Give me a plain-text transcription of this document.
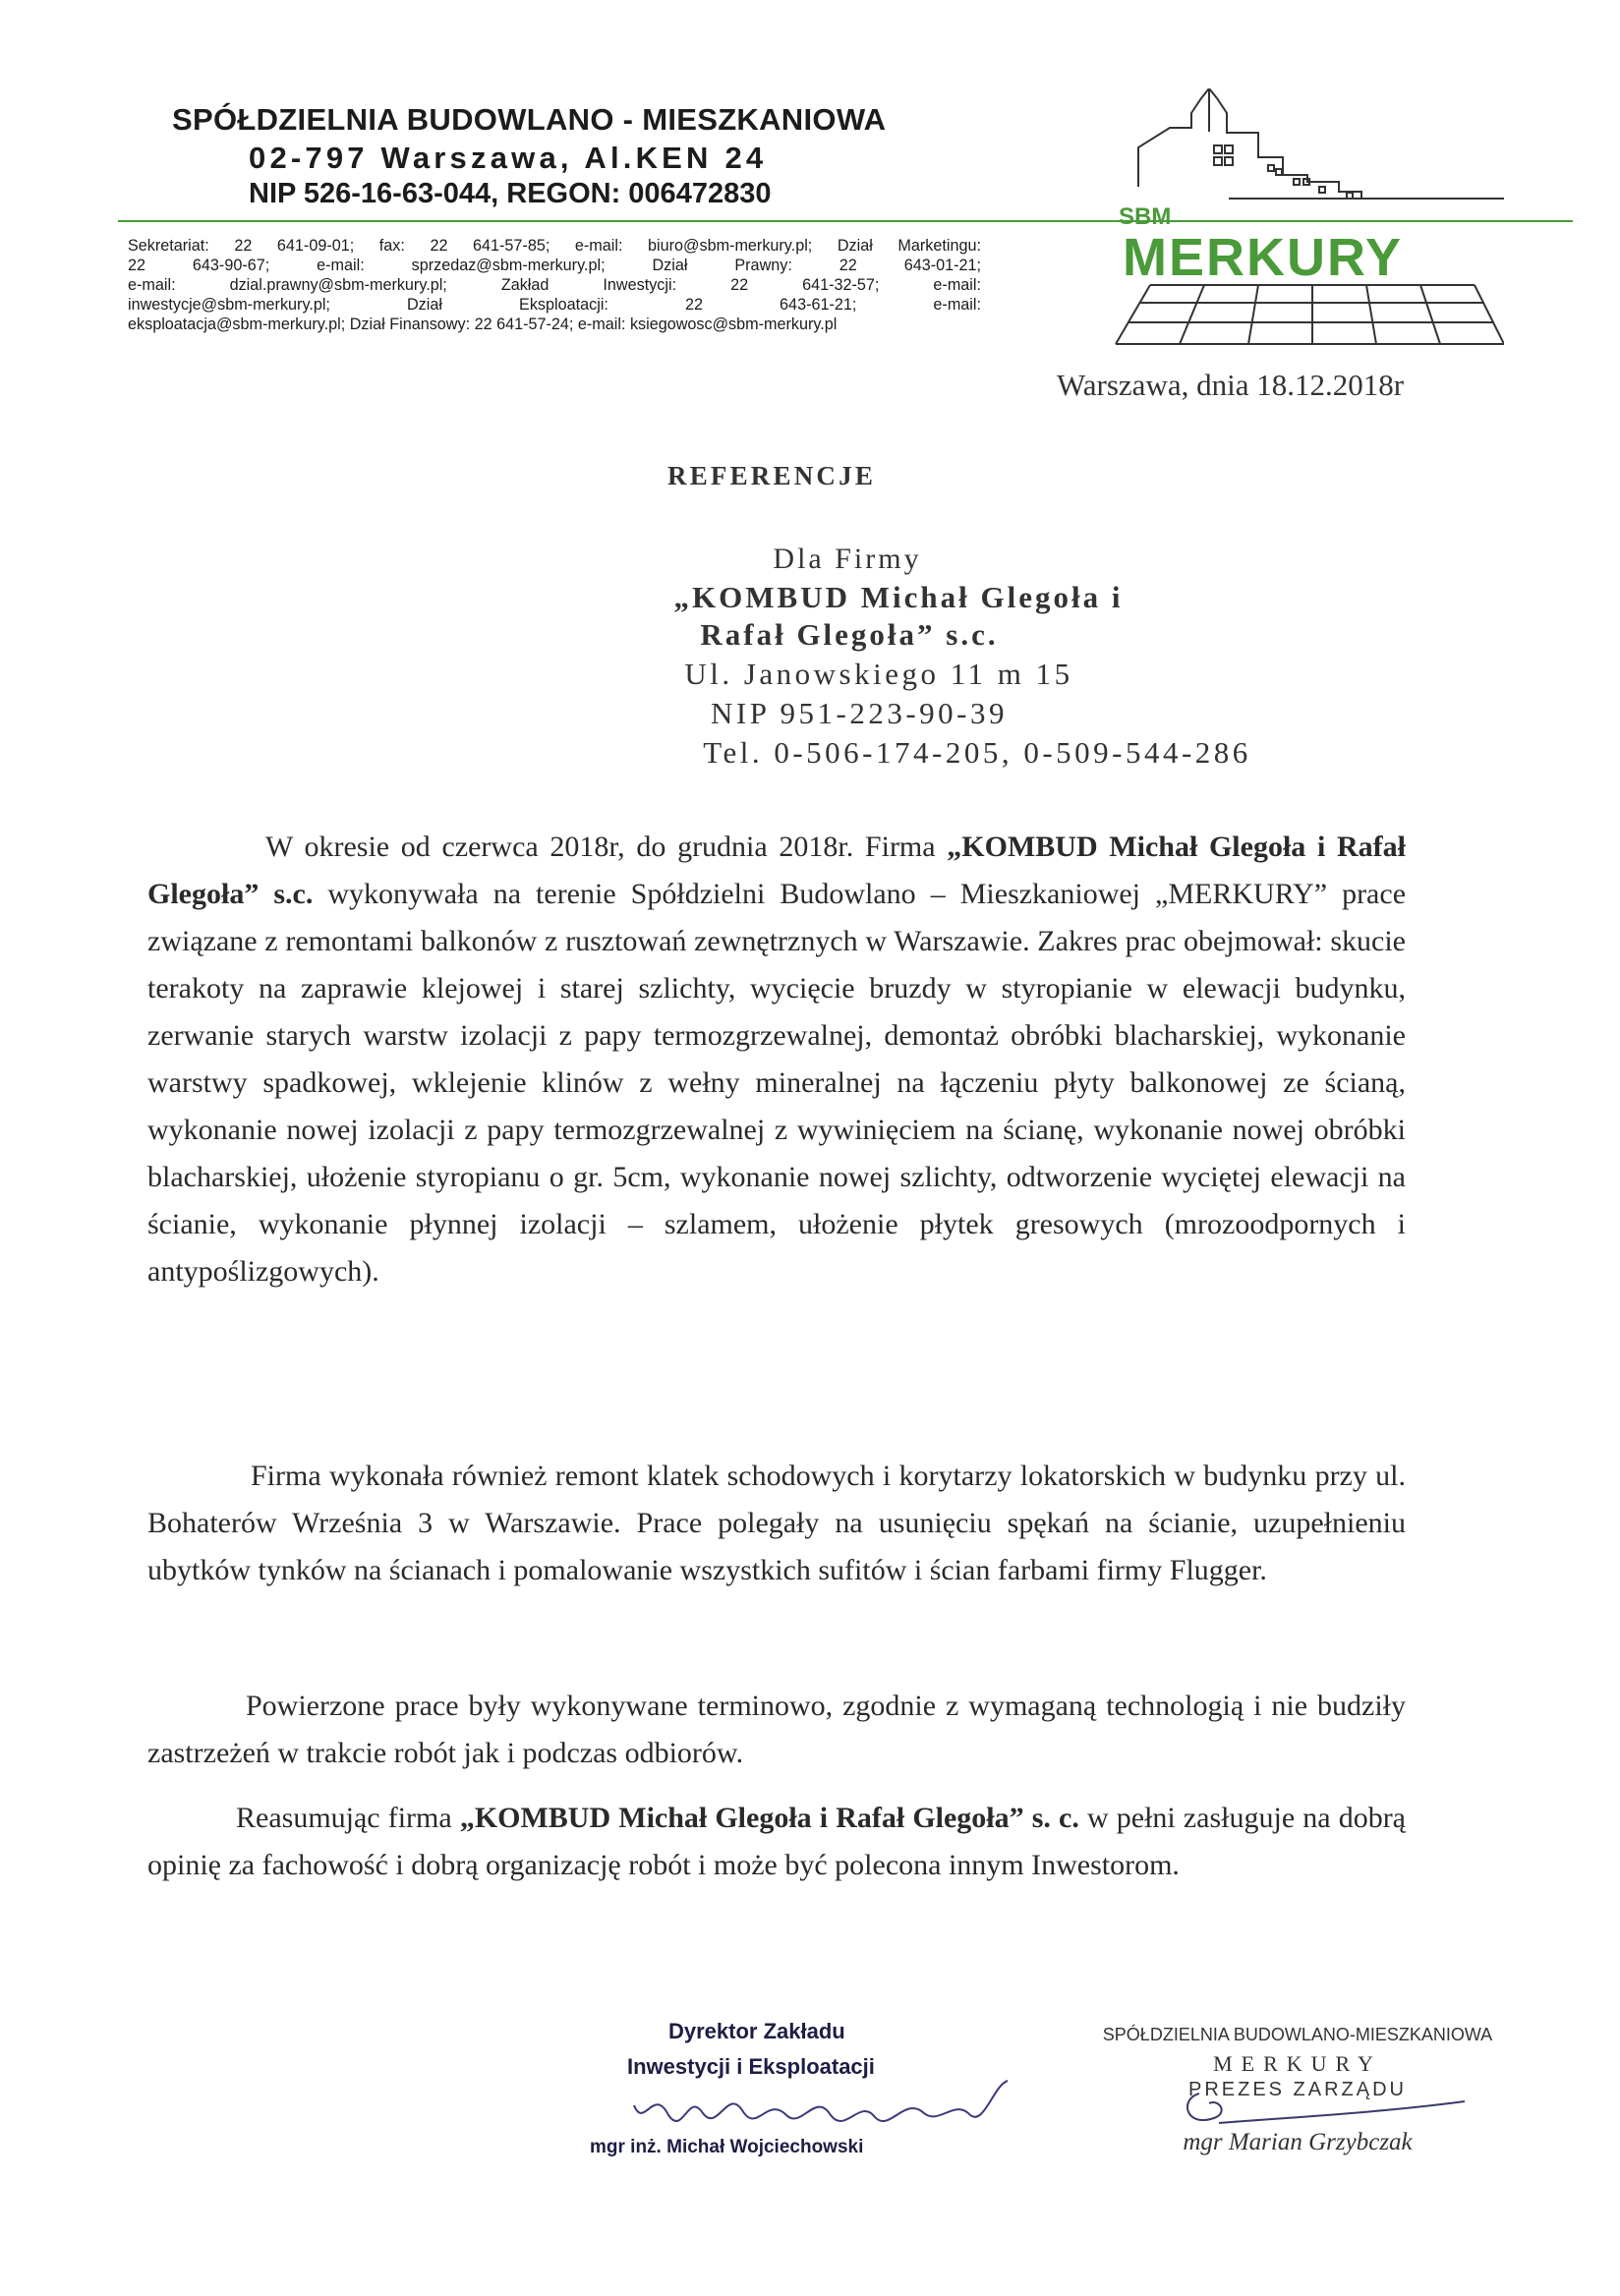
SPÓŁDZIELNIA BUDOWLANO - MIESZKANIOWA
02-797 Warszawa, Al.KEN 24
NIP 526-16-63-044, REGON: 006472830
Sekretariat: 22 641-09-01; fax: 22 641-57-85; e-mail: biuro@sbm-merkury.pl; Dział Marketingu:
22 643-90-67; e-mail: sprzedaz@sbm-merkury.pl; Dział Prawny: 22 643-01-21;
e-mail: dzial.prawny@sbm-merkury.pl; Zakład Inwestycji: 22 641-32-57; e-mail:
inwestycje@sbm-merkury.pl; Dział Eksploatacji: 22 643-61-21; e-mail:
eksploatacja@sbm-merkury.pl; Dział Finansowy: 22 641-57-24; e-mail: ksiegowosc@sbm-merkury.pl
SBM
MERKURY
Warszawa, dnia 18.12.2018r
REFERENCJE
Dla Firmy
„KOMBUD Michał Glegoła i
Rafał Glegoła” s.c.
Ul. Janowskiego 11 m 15
NIP 951-223-90-39
Tel. 0-506-174-205, 0-509-544-286
W okresie od czerwca 2018r, do grudnia 2018r. Firma „KOMBUD Michał Glegoła i Rafał Glegoła” s.c. wykonywała na terenie Spółdzielni Budowlano – Mieszkaniowej „MERKURY” prace związane z remontami balkonów z rusztowań zewnętrznych w Warszawie. Zakres prac obejmował: skucie terakoty na zaprawie klejowej i starej szlichty, wycięcie bruzdy w styropianie w elewacji budynku, zerwanie starych warstw izolacji z papy termozgrzewalnej, demontaż obróbki blacharskiej, wykonanie warstwy spadkowej, wklejenie klinów z wełny mineralnej na łączeniu płyty balkonowej ze ścianą, wykonanie nowej izolacji z papy termozgrzewalnej z wywinięciem na ścianę, wykonanie nowej obróbki blacharskiej, ułożenie styropianu o gr. 5cm, wykonanie nowej szlichty, odtworzenie wyciętej elewacji na ścianie, wykonanie płynnej izolacji – szlamem, ułożenie płytek gresowych (mrozoodpornych i antypoślizgowych).
Firma wykonała również remont klatek schodowych i korytarzy lokatorskich w budynku przy ul. Bohaterów Września 3 w Warszawie. Prace polegały na usunięciu spękań na ścianie, uzupełnieniu ubytków tynków na ścianach i pomalowanie wszystkich sufitów i ścian farbami firmy Flugger.
Powierzone prace były wykonywane terminowo, zgodnie z wymaganą technologią i nie budziły zastrzeżeń w trakcie robót jak i podczas odbiorów.
Reasumując firma „KOMBUD Michał Glegoła i Rafał Glegoła” s. c. w pełni zasługuje na dobrą opinię za fachowość i dobrą organizację robót i może być polecona innym Inwestorom.
Dyrektor Zakładu
Inwestycji i Eksploatacji
mgr inż. Michał Wojciechowski
SPÓŁDZIELNIA BUDOWLANO-MIESZKANIOWA
MERKURY
PREZES ZARZĄDU
mgr Marian Grzybczak
